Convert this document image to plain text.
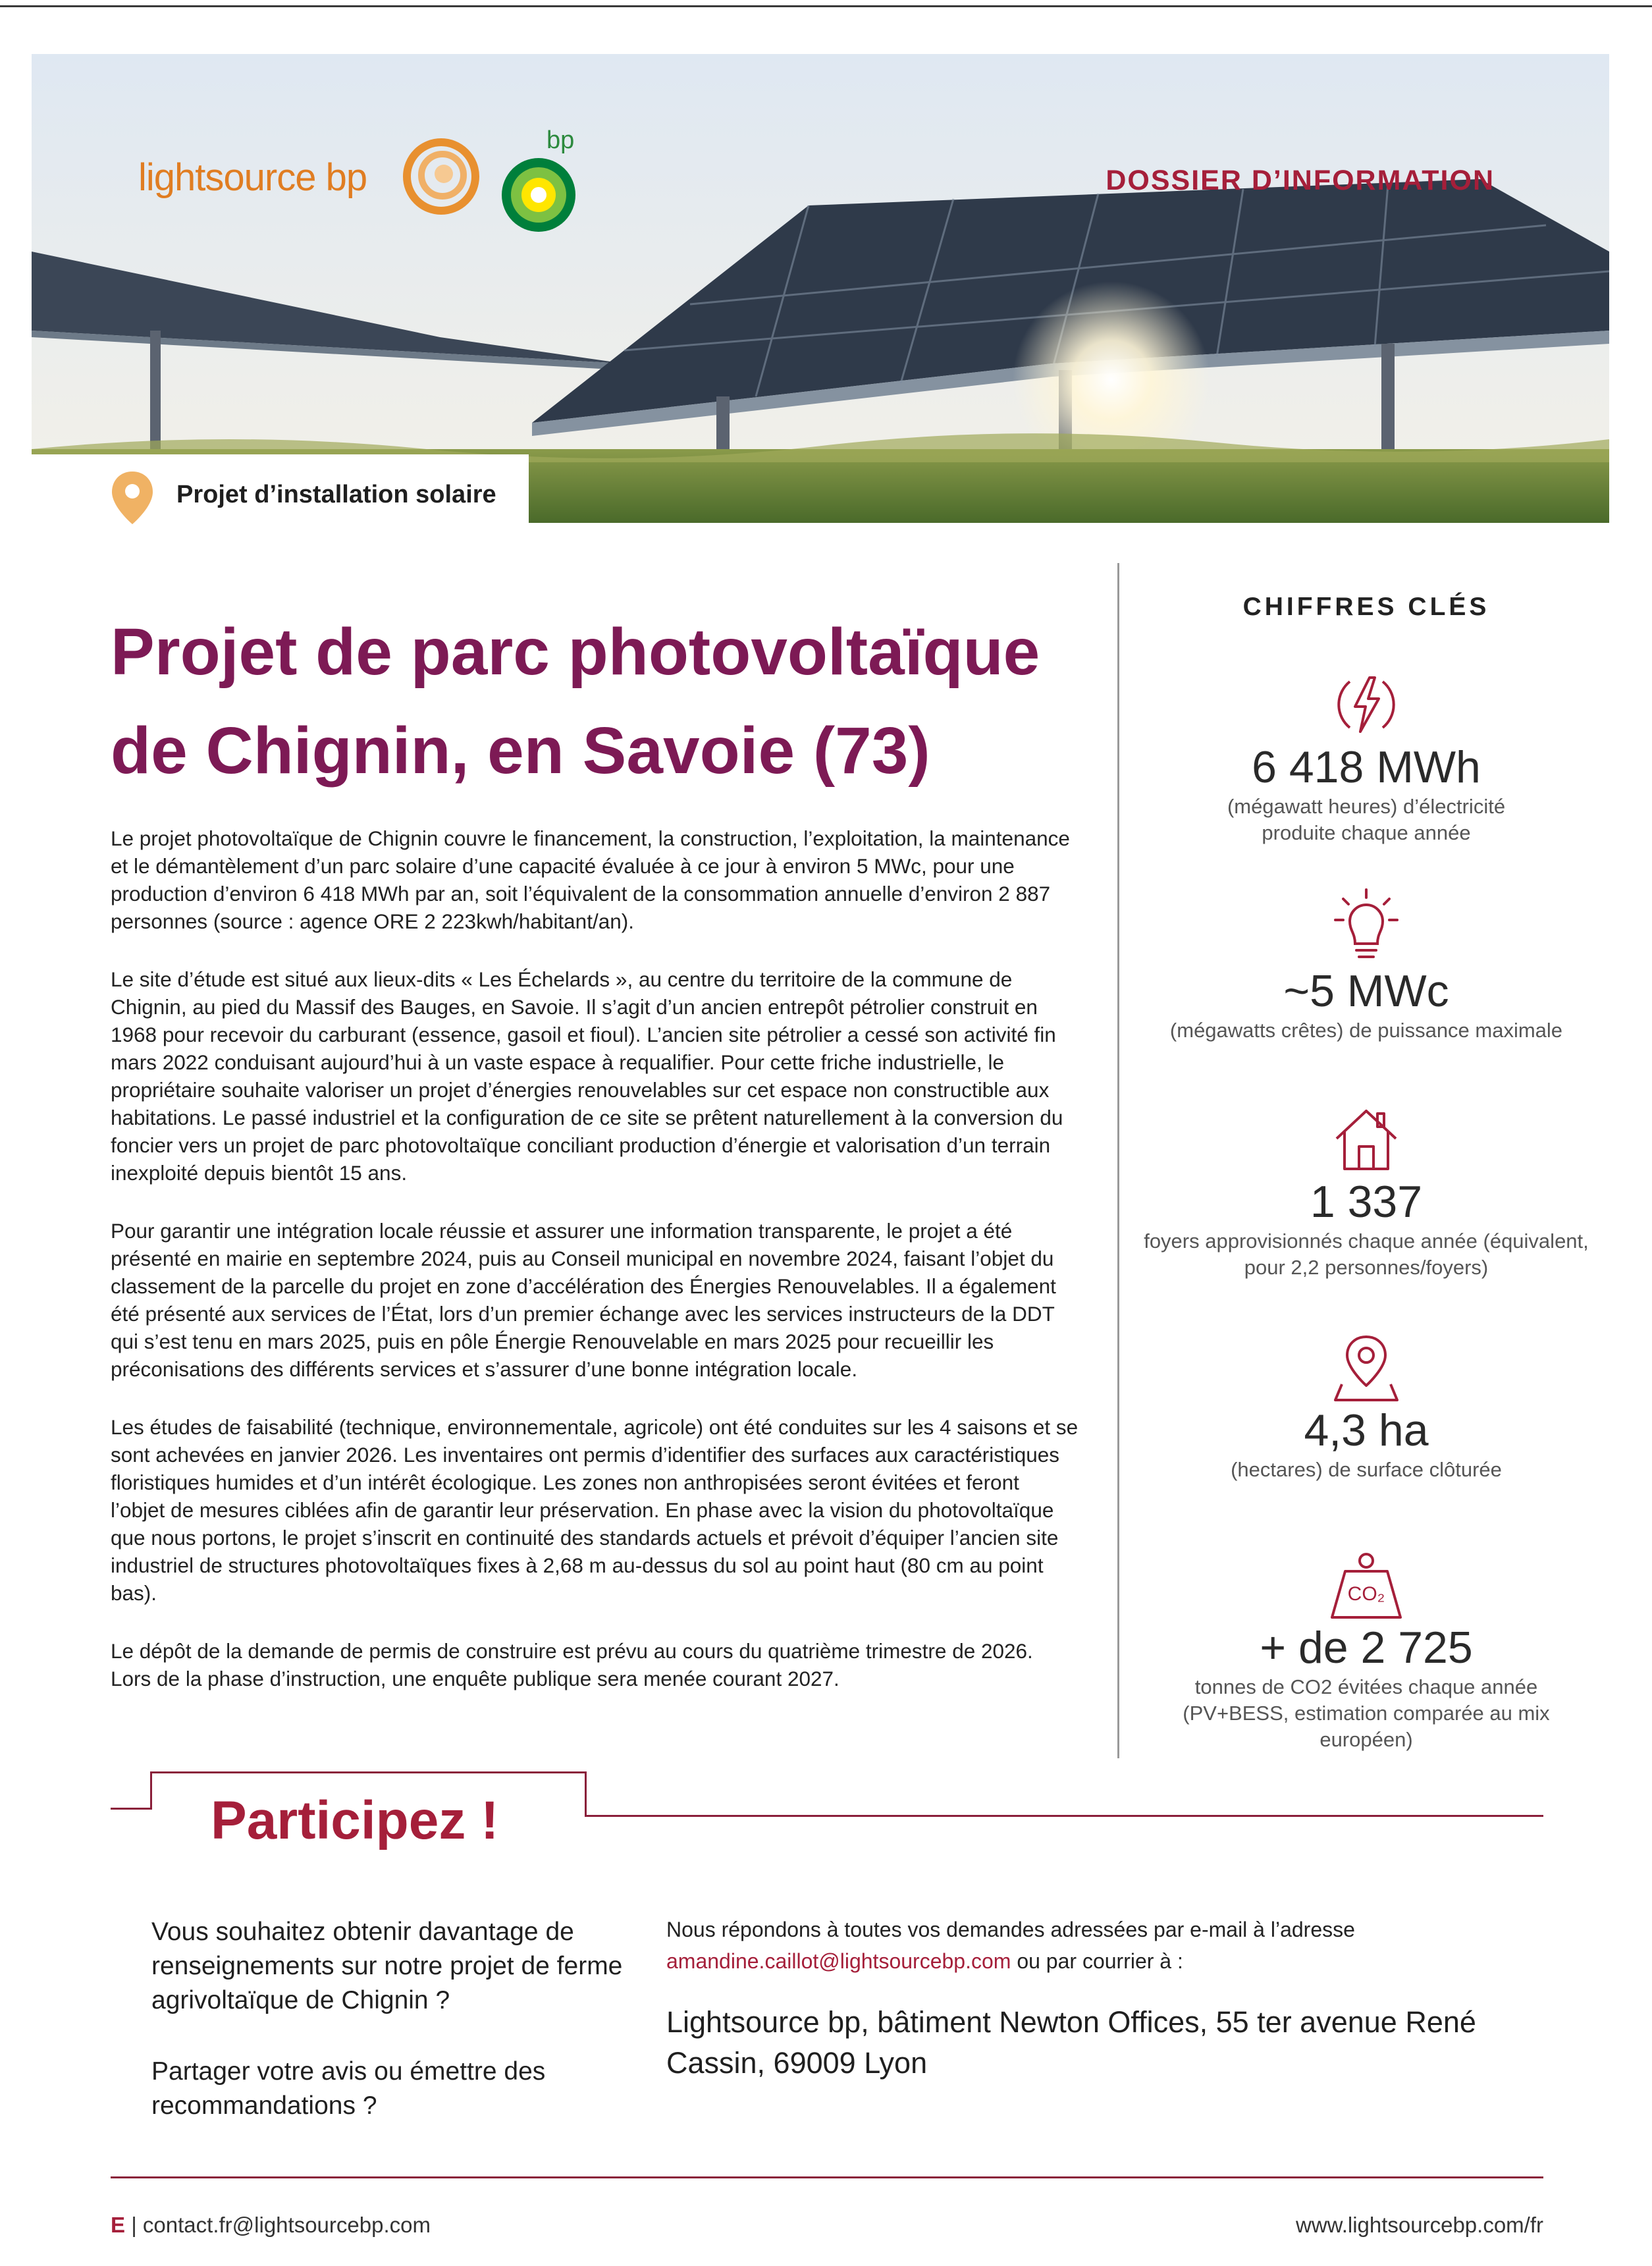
lightsource bp
bp
DOSSIER D’INFORMATION
Projet d’installation solaire
Projet de parc photovoltaïque
de Chignin, en Savoie (73)

Le projet photovoltaïque de Chignin couvre le financement, la construction, l’exploitation, la maintenance et le démantèlement d’un parc solaire d’une capacité évaluée à ce jour à environ 5 MWc, pour une production d’environ 6 418 MWh par an, soit l’équivalent de la consommation annuelle d’environ 2 887 personnes (source : agence ORE 2 223kwh/habitant/an).

Le site d’étude est situé aux lieux-dits « Les Échelards », au centre du territoire de la commune de Chignin, au pied du Massif des Bauges, en Savoie. Il s’agit d’un ancien entrepôt pétrolier construit en 1968 pour recevoir du carburant (essence, gasoil et fioul). L’ancien site pétrolier a cessé son activité fin mars 2022 conduisant aujourd’hui à un vaste espace à requalifier. Pour cette friche industrielle, le propriétaire souhaite valoriser un projet d’énergies renouvelables sur cet espace non constructible aux habitations. Le passé industriel et la configuration de ce site se prêtent naturellement à la conversion du foncier vers un projet de parc photovoltaïque conciliant production d’énergie et valorisation d’un terrain inexploité depuis bientôt 15 ans.

Pour garantir une intégration locale réussie et assurer une information transparente, le projet a été présenté en mairie en septembre 2024, puis au Conseil municipal en novembre 2024, faisant l’objet du classement de la parcelle du projet en zone d’accélération des Énergies Renouvelables. Il a également été présenté aux services de l’État, lors d’un premier échange avec les services instructeurs de la DDT qui s’est tenu en mars 2025, puis en pôle Énergie Renouvelable en mars 2025 pour recueillir les préconisations des différents services et s’assurer d’une bonne intégration locale.

Les études de faisabilité (technique, environnementale, agricole) ont été conduites sur les 4 saisons et se sont achevées en janvier 2026. Les inventaires ont permis d’identifier des surfaces aux caractéristiques floristiques humides et d’un intérêt écologique. Les zones non anthropisées seront évitées et feront l’objet de mesures ciblées afin de garantir leur préservation. En phase avec la vision du photovoltaïque que nous portons, le projet s’inscrit en continuité des standards actuels et prévoit d’équiper l’ancien site industriel de structures photovoltaïques fixes à 2,68 m au-dessus du sol au point haut (80 cm au point bas).

Le dépôt de la demande de permis de construire est prévu au cours du quatrième trimestre de 2026. Lors de la phase d’instruction, une enquête publique sera menée courant 2027.

CHIFFRES CLÉS
6 418 MWh
(mégawatt heures) d’électricité produite chaque année
~5 MWc
(mégawatts crêtes) de puissance maximale
1 337
foyers approvisionnés chaque année (équivalent, pour 2,2 personnes/foyers)
4,3 ha
(hectares) de surface clôturée
CO₂
+ de 2 725
tonnes de CO2 évitées chaque année (PV+BESS, estimation comparée au mix européen)
Participez !
Vous souhaitez obtenir davantage de renseignements sur notre projet de ferme agrivoltaïque de Chignin ?
Partager votre avis ou émettre des recommandations ?
Nous répondons à toutes vos demandes adressées par e-mail à l’adresse
amandine.caillot@lightsourcebp.com ou par courrier à :
Lightsource bp, bâtiment Newton Offices, 55 ter avenue René Cassin, 69009 Lyon
E | contact.fr@lightsourcebp.com	www.lightsourcebp.com/fr
